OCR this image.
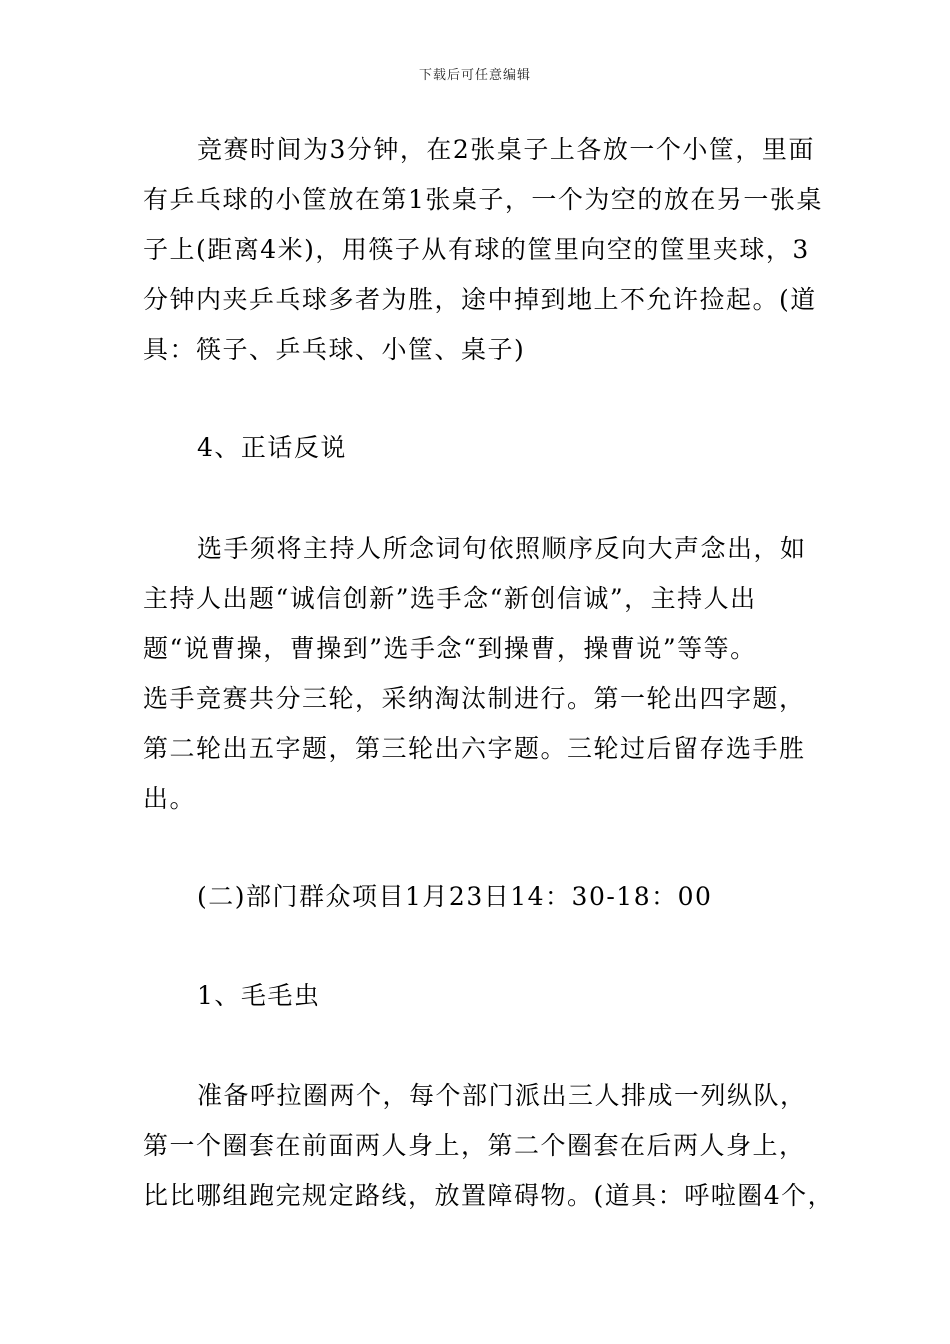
下载后可任意编辑
竞赛时间为3分钟，在2张桌子上各放一个小筐，里面
有乒乓球的小筐放在第1张桌子，一个为空的放在另一张桌
子上(距离4米)，用筷子从有球的筐里向空的筐里夹球，3
分钟内夹乒乓球多者为胜，途中掉到地上不允许捡起。(道
具：筷子、乒乓球、小筐、桌子)
4、正话反说
选手须将主持人所念词句依照顺序反向大声念出，如
主持人出题“诚信创新”选手念“新创信诚”，主持人出
题“说曹操，曹操到”选手念“到操曹，操曹说”等等。
选手竞赛共分三轮，采纳淘汰制进行。第一轮出四字题，
第二轮出五字题，第三轮出六字题。三轮过后留存选手胜
出。
(二)部门群众项目1月23日14：30-18：00
1、毛毛虫
准备呼拉圈两个，每个部门派出三人排成一列纵队，
第一个圈套在前面两人身上，第二个圈套在后两人身上，
比比哪组跑完规定路线，放置障碍物。(道具：呼啦圈4个，
